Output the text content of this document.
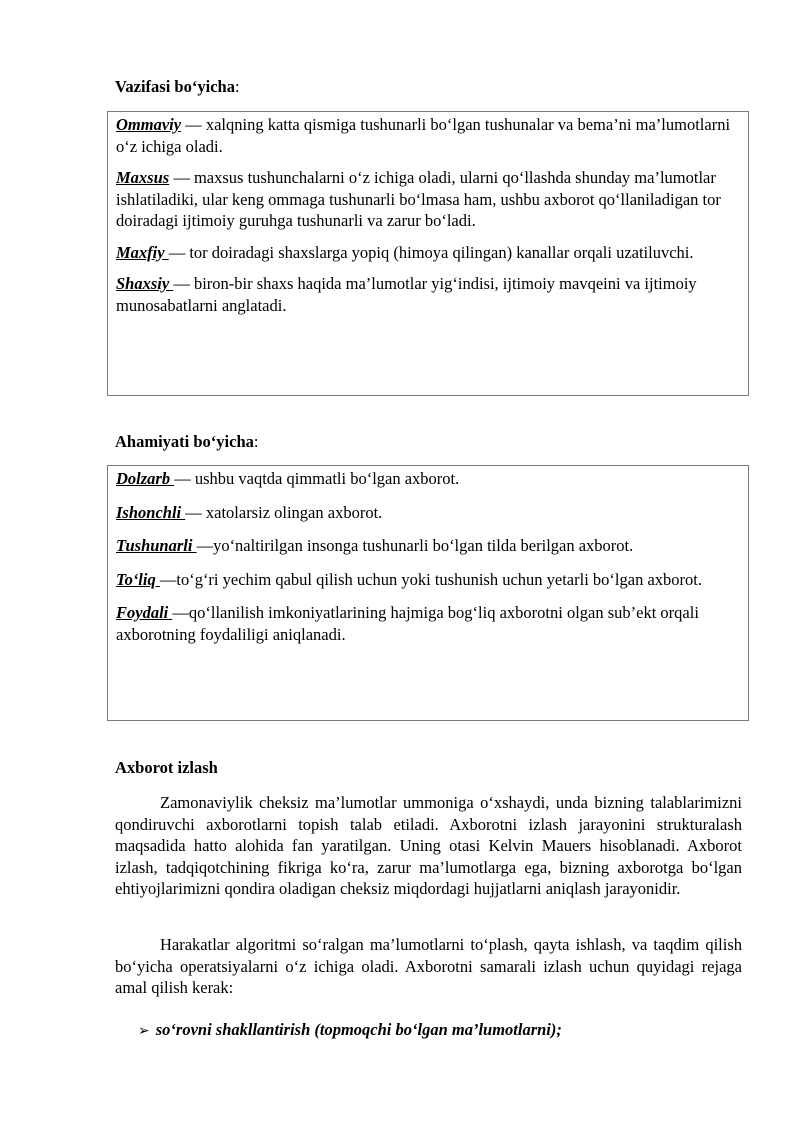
Vazifasi bo‘yicha:

Ommaviy — xalqning katta qismiga tushunarli bo‘lgan tushunalar va bema’ni ma’lumotlarni o‘z ichiga oladi.

Maxsus — maxsus tushunchalarni o‘z ichiga oladi, ularni qo‘llashda shunday ma’lumotlar ishlatiladiki, ular keng ommaga tushunarli bo‘lmasa ham, ushbu axborot qo‘llaniladigan tor doiradagi ijtimoiy guruhga tushunarli va zarur bo‘ladi.

Maxfiy — tor doiradagi shaxslarga yopiq (himoya qilingan) kanallar orqali uzatiluvchi.

Shaxsiy — biron-bir shaxs haqida ma’lumotlar yig‘indisi, ijtimoiy mavqeini va ijtimoiy munosabatlarni anglatadi.

Ahamiyati bo‘yicha:

Dolzarb — ushbu vaqtda qimmatli bo‘lgan axborot.

Ishonchli — xatolarsiz olingan axborot.

Tushunarli —yo‘naltirilgan insonga tushunarli bo‘lgan tilda berilgan axborot.

To‘liq —to‘g‘ri yechim qabul qilish uchun yoki tushunish uchun yetarli bo‘lgan axborot.

Foydali —qo‘llanilish imkoniyatlarining hajmiga bog‘liq axborotni olgan sub’ekt orqali axborotning foydaliligi aniqlanadi.

Axborot izlash

Zamonaviylik cheksiz ma’lumotlar ummoniga o‘xshaydi, unda bizning talablarimizni qondiruvchi axborotlarni topish talab etiladi. Axborotni izlash jarayonini strukturalash maqsadida hatto alohida fan yaratilgan. Uning otasi Kelvin Mauers hisoblanadi. Axborot izlash, tadqiqotchining fikriga ko‘ra, zarur ma’lumotlarga ega, bizning axborotga bo‘lgan ehtiyojlarimizni qondira oladigan cheksiz miqdordagi hujjatlarni aniqlash jarayonidir.

Harakatlar algoritmi so‘ralgan ma’lumotlarni to‘plash, qayta ishlash, va taqdim qilish bo‘yicha operatsiyalarni o‘z ichiga oladi. Axborotni samarali izlash uchun quyidagi rejaga amal qilish kerak:

➢ so‘rovni shakllantirish (topmoqchi bo‘lgan ma’lumotlarni);
